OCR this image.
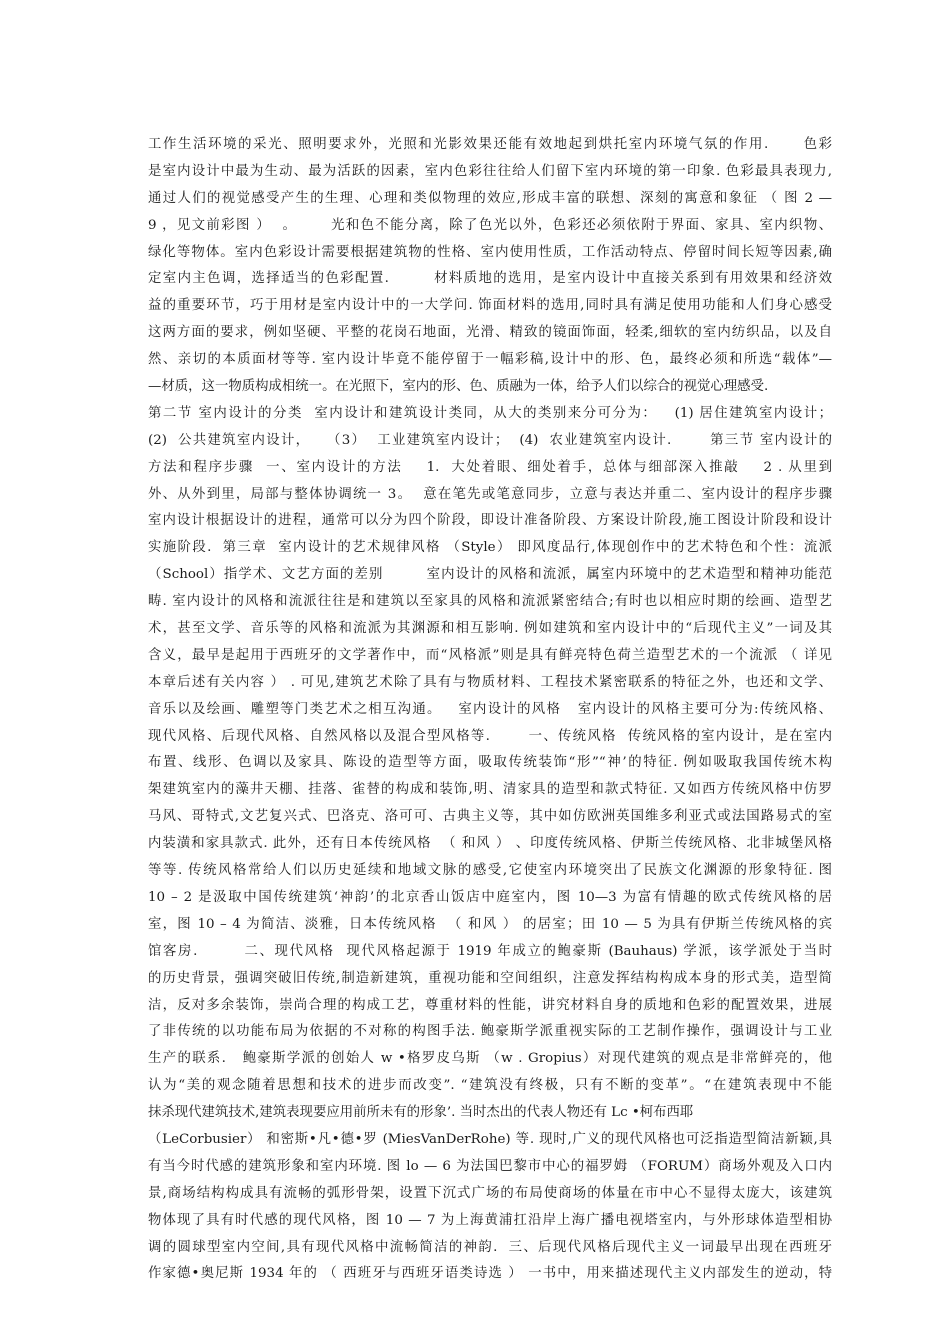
工作生活环境的采光、照明要求外，光照和光影效果还能有效地起到烘托室内环境气氛的作用.      色彩
是室内设计中最为生动、最为活跃的因素，室内色彩往往给人们留下室内环境的第一印象. 色彩最具表现力,
通过人们的视觉感受产生的生理、心理和类似物理的效应,形成丰富的联想、深刻的寓意和象征 （ 图 2 —
9 ，见文前彩图 ）  。      光和色不能分离，除了色光以外，色彩还必须依附于界面、家具、室内织物、
绿化等物体。室内色彩设计需要根据建筑物的性格、室内使用性质，工作活动特点、停留时间长短等因素,确
定室内主色调，选择适当的色彩配置.        材料质地的选用，是室内设计中直接关系到有用效果和经济效
益的重要环节，巧于用材是室内设计中的一大学问. 饰面材料的选用,同时具有满足使用功能和人们身心感受
这两方面的要求，例如坚硬、平整的花岗石地面，光滑、精致的镜面饰面，轻柔,细软的室内纺织品，以及自
然、亲切的本质面材等等. 室内设计毕竟不能停留于一幅彩稿,设计中的形、色，最终必须和所选“载体”—
—材质，这一物质构成相统一。在光照下，室内的形、色、质融为一体，给予人们以综合的视觉心理感受.
第二节 室内设计的分类  室内设计和建筑设计类同，从大的类别来分可分为：   (1) 居住建筑室内设计；
(2)  公共建筑室内设计，   （3）  工业建筑室内设计；  (4)  农业建筑室内设计.       第三节 室内设计的
方法和程序步骤  一、室内设计的方法    1.  大处着眼、细处着手，总体与细部深入推敲    2 . 从里到
外、从外到里，局部与整体协调统一 3。  意在笔先或笔意同步，立意与表达并重二、室内设计的程序步骤
室内设计根据设计的进程，通常可以分为四个阶段，即设计准备阶段、方案设计阶段,施工图设计阶段和设计
实施阶段.  第三章  室内设计的艺术规律风格 （Style） 即风度品行,体现创作中的艺术特色和个性：流派
（School）指学术、文艺方面的差别        室内设计的风格和流派，属室内环境中的艺术造型和精神功能范
畴. 室内设计的风格和流派往往是和建筑以至家具的风格和流派紧密结合;有时也以相应时期的绘画、造型艺
术，甚至文学、音乐等的风格和流派为其渊源和相互影响. 例如建筑和室内设计中的“后现代主义”一词及其
含义，最早是起用于西班牙的文学著作中，而“风格派”则是具有鲜亮特色荷兰造型艺术的一个流派 （ 详见
本章后述有关内容 ） . 可见,建筑艺术除了具有与物质材料、工程技术紧密联系的特征之外，也还和文学、
音乐以及绘画、雕塑等门类艺术之相互沟通。   室内设计的风格   室内设计的风格主要可分为:传统风格、
现代风格、后现代风格、自然风格以及混合型风格等.       一、传统风格  传统风格的室内设计，是在室内
布置、线形、色调以及家具、陈设的造型等方面，吸取传统装饰“形”“神’的特征. 例如吸取我国传统木构
架建筑室内的藻井天棚、挂落、雀替的构成和装饰,明、清家具的造型和款式特征. 又如西方传统风格中仿罗
马风、哥特式,文艺复兴式、巴洛克、洛可可、古典主义等，其中如仿欧洲英国维多利亚式或法国路易式的室
内装潢和家具款式. 此外，还有日本传统风格  （ 和风 ） 、印度传统风格、伊斯兰传统风格、北非城堡风格
等等. 传统风格常给人们以历史延续和地域文脉的感受,它使室内环境突出了民族文化渊源的形象特征. 图
10 – 2 是汲取中国传统建筑‘神韵’的北京香山饭店中庭室内，图 10—3 为富有情趣的欧式传统风格的居
室，图 10 – 4 为简洁、淡雅，日本传统风格  （ 和风 ） 的居室；田 10 — 5 为具有伊斯兰传统风格的宾
馆客房.        二、现代风格  现代风格起源于 1919 年成立的鲍豪斯 (Bauhaus) 学派，该学派处于当时
的历史背景，强调突破旧传统,制造新建筑，重视功能和空间组织，注意发挥结构构成本身的形式美，造型简
洁，反对多余装饰，崇尚合理的构成工艺，尊重材料的性能，讲究材料自身的质地和色彩的配置效果，进展
了非传统的以功能布局为依据的不对称的构图手法. 鲍豪斯学派重视实际的工艺制作操作，强调设计与工业
生产的联系.   鲍豪斯学派的创始人 w •格罗皮乌斯 （w . Gropius）对现代建筑的观点是非常鲜亮的，他
认为“美的观念随着思想和技术的进步而改变”. “建筑没有终极，只有不断的变革”。“在建筑表现中不能
抹杀现代建筑技术,建筑表现要应用前所未有的形象’. 当时杰出的代表人物还有 Lc •柯布西耶
（LeCorbusier） 和密斯•凡•德•罗 (MiesVanDerRohe) 等. 现时,广义的现代风格也可泛指造型简洁新颖,具
有当今时代感的建筑形象和室内环境. 图 lo — 6 为法国巴黎市中心的福罗姆 （FORUM）商场外观及入口内
景,商场结构构成具有流畅的弧形骨架，设置下沉式广场的布局使商场的体量在市中心不显得太庞大，该建筑
物体现了具有时代感的现代风格，图 10 — 7 为上海黄浦扛沿岸上海广播电视塔室内，与外形球体造型相协
调的圆球型室内空间,具有现代风格中流畅简洁的神韵.  三、后现代风格后现代主义一词最早出现在西班牙
作家德•奥尼斯 1934 年的 （ 西班牙与西班牙语类诗选 ） 一书中，用来描述现代主义内部发生的逆动，特
